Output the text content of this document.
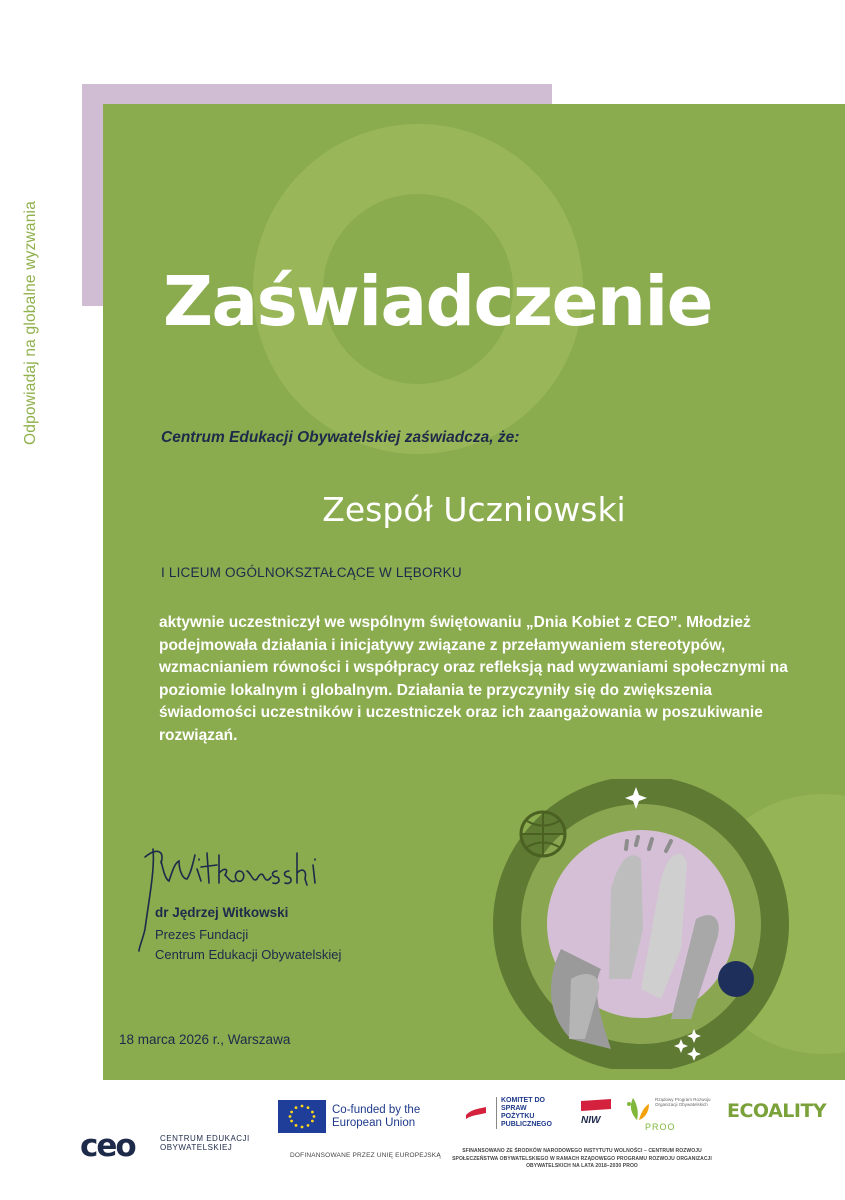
Odpowiadaj na globalne wyzwania Zaświadczenie
Centrum Edukacji Obywatelskiej zaświadcza, że:
Zespół Uczniowski
I LICEUM OGÓLNOKSZTAŁCĄCE W LĘBORKU
aktywnie uczestniczył we wspólnym świętowaniu „Dnia Kobiet z CEO”. Młodzież podejmowała działania i inicjatywy związane z przełamywaniem stereotypów, wzmacnianiem równości i współpracy oraz refleksją nad wyzwaniami społecznymi na poziomie lokalnym i globalnym. Działania te przyczyniły się do zwiększenia świadomości uczestników i uczestniczek oraz ich zaangażowania w poszukiwanie rozwiązań.
dr Jędrzej Witkowski
Prezes Fundacji
Centrum Edukacji Obywatelskiej
18 marca 2026 r., Warszawa
ceo	CENTRUM EDUKACJI OBYWATELSKIEJ
Co-funded by the European Union
DOFINANSOWANE PRZEZ UNIĘ EUROPEJSKĄ
KOMITET DO SPRAW POŻYTKU PUBLICZNEGO	NIW
Rządowy Program Rozwoju Organizacji Obywatelskich
PROO
ECOALITY
SFINANSOWANO ZE ŚRODKÓW NARODOWEGO INSTYTUTU WOLNOŚCI – CENTRUM ROZWOJU SPOŁECZEŃSTWA OBYWATELSKIEGO W RAMACH RZĄDOWEGO PROGRAMU ROZWOJU ORGANIZACJI OBYWATELSKICH NA LATA 2018–2030 PROO
